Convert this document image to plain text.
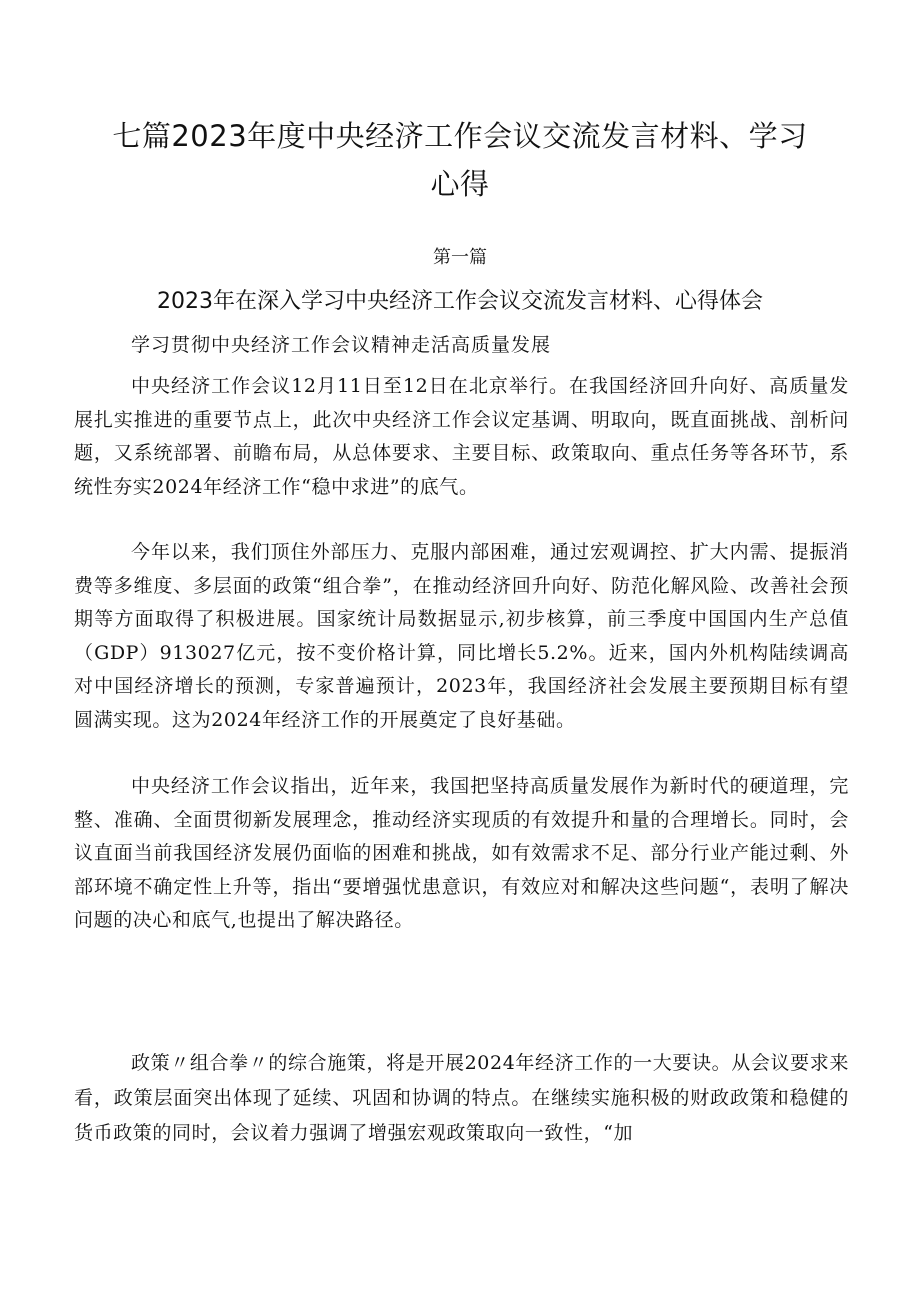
七篇2023年度中央经济工作会议交流发言材料、学习心得
第一篇
2023年在深入学习中央经济工作会议交流发言材料、心得体会
学习贯彻中央经济工作会议精神走活高质量发展

中央经济工作会议12月11日至12日在北京举行。在我国经济回升向好、高质量发展扎实推进的重要节点上，此次中央经济工作会议定基调、明取向，既直面挑战、剖析问题，又系统部署、前瞻布局，从总体要求、主要目标、政策取向、重点任务等各环节，系统性夯实2024年经济工作“稳中求进”的底气。

今年以来，我们顶住外部压力、克服内部困难，通过宏观调控、扩大内需、提振消费等多维度、多层面的政策“组合拳”，在推动经济回升向好、防范化解风险、改善社会预期等方面取得了积极进展。国家统计局数据显示,初步核算，前三季度中国国内生产总值（GDP）913027亿元，按不变价格计算，同比增长5.2%。近来，国内外机构陆续调高对中国经济增长的预测，专家普遍预计，2023年，我国经济社会发展主要预期目标有望圆满实现。这为2024年经济工作的开展奠定了良好基础。

中央经济工作会议指出，近年来，我国把坚持高质量发展作为新时代的硬道理，完整、准确、全面贯彻新发展理念，推动经济实现质的有效提升和量的合理增长。同时，会议直面当前我国经济发展仍面临的困难和挑战，如有效需求不足、部分行业产能过剩、外部环境不确定性上升等，指出“要增强忧患意识，有效应对和解决这些问题“，表明了解决问题的决心和底气,也提出了解决路径。

政策〃组合拳〃的综合施策，将是开展2024年经济工作的一大要诀。从会议要求来看，政策层面突出体现了延续、巩固和协调的特点。在继续实施积极的财政政策和稳健的货币政策的同时，会议着力强调了增强宏观政策取向一致性，“加
